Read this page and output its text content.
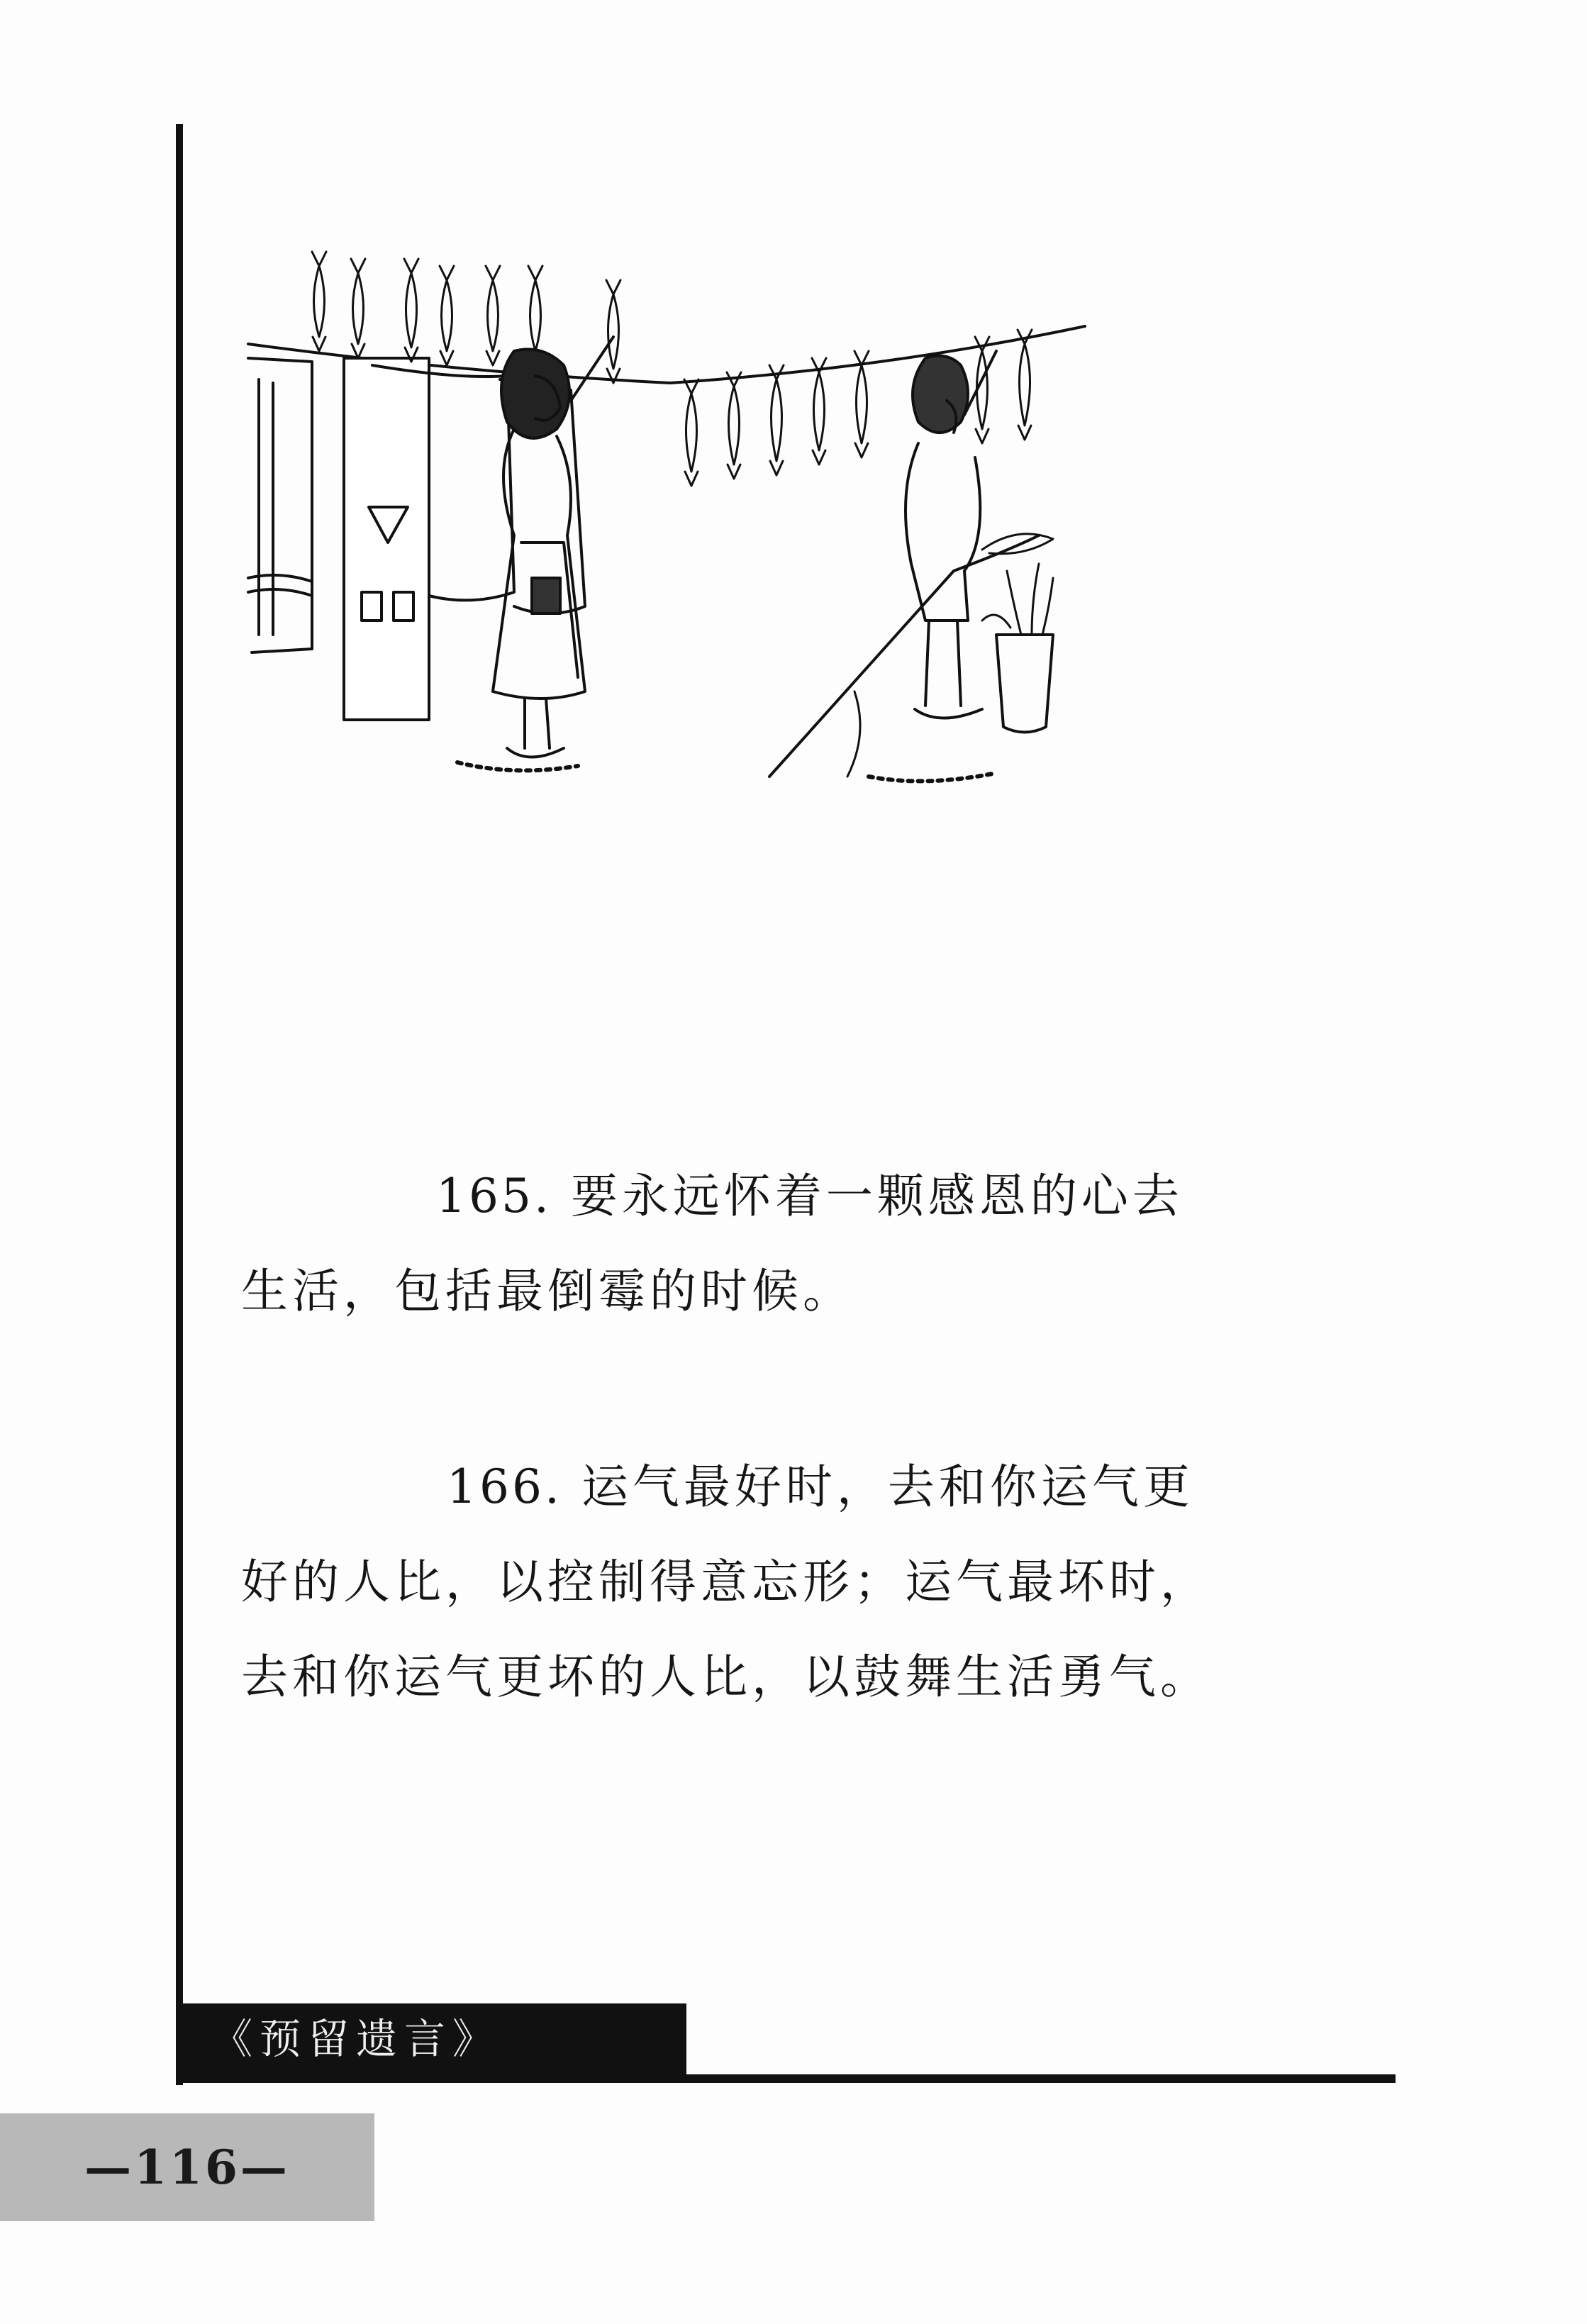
165. 要永远怀着一颗感恩的心去生活，包括最倒霉的时候。

166. 运气最好时，去和你运气更好的人比，以控制得意忘形；运气最坏时，去和你运气更坏的人比，以鼓舞生活勇气。

《预留遗言》
—116—
